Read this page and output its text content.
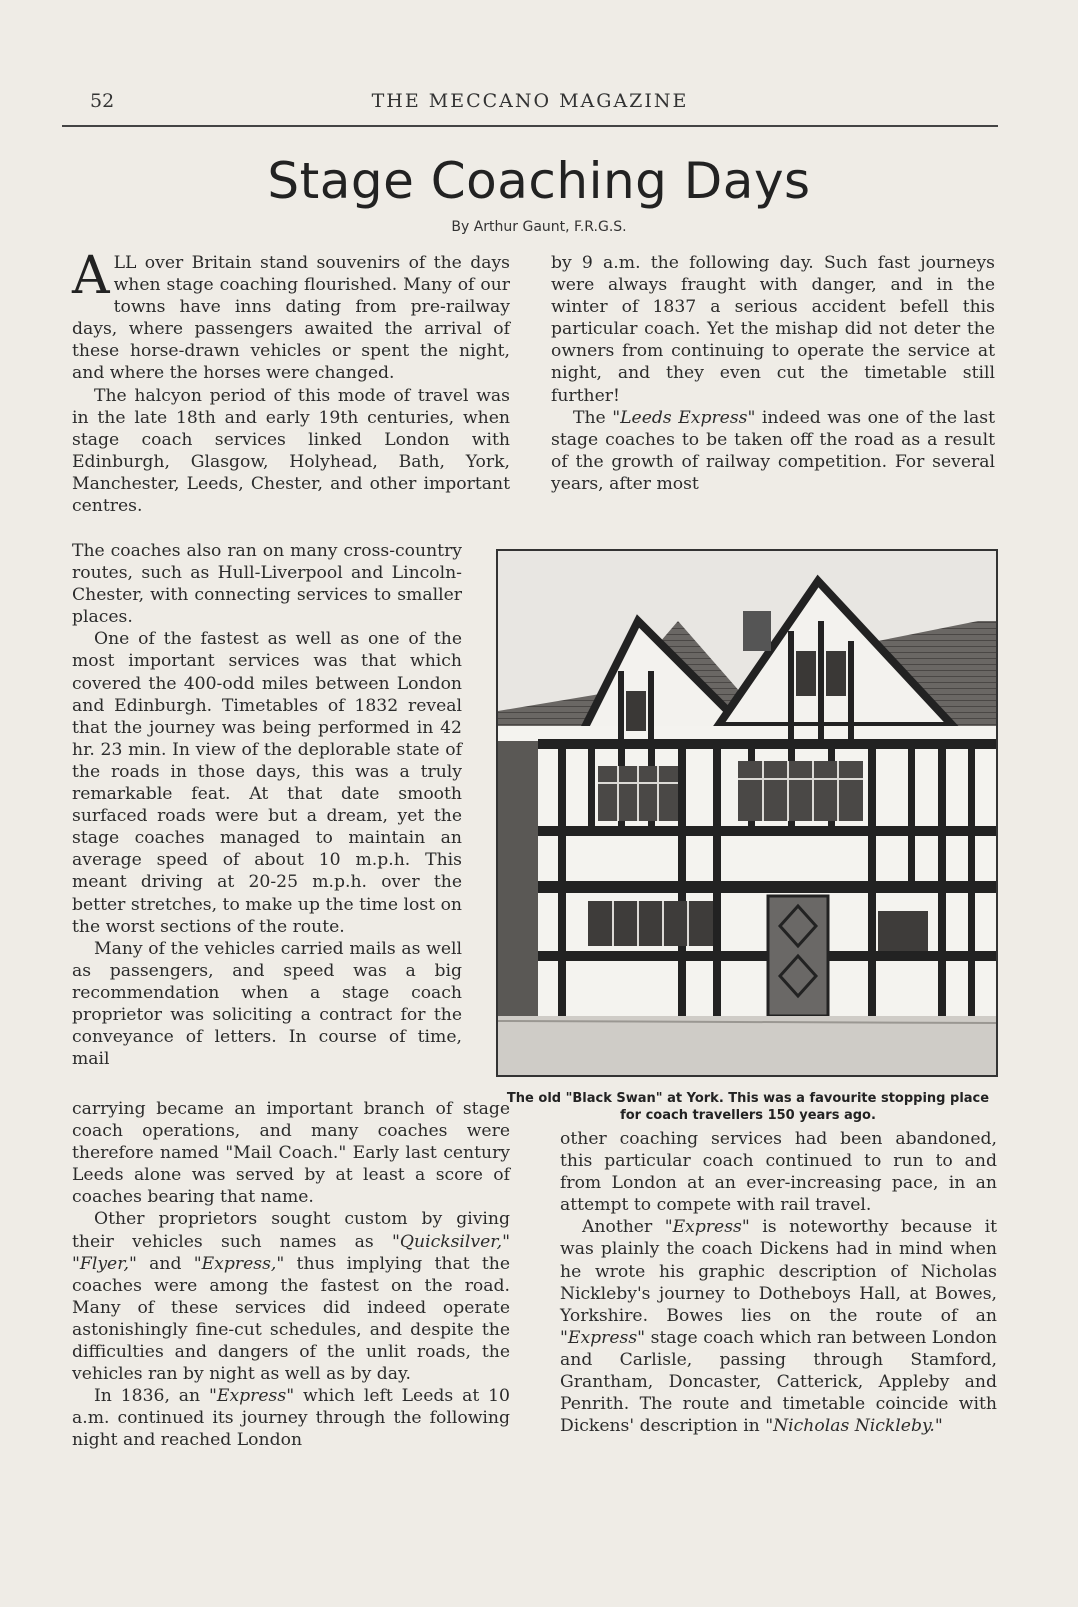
52	THE MECCANO MAGAZINE
Stage Coaching Days
By Arthur Gaunt, F.R.G.S.

ALL over Britain stand souvenirs of the days when stage coaching flourished. Many of our towns have inns dating from pre-railway days, where passengers awaited the arrival of these horse-drawn vehicles or spent the night, and where the horses were changed.

The halcyon period of this mode of travel was in the late 18th and early 19th centuries, when stage coach services linked London with Edinburgh, Glasgow, Holyhead, Bath, York, Manchester, Leeds, Chester, and other important centres.

The coaches also ran on many cross-country routes, such as Hull-Liverpool and Lincoln-Chester, with connecting services to smaller places.

One of the fastest as well as one of the most important services was that which covered the 400-odd miles between London and Edinburgh. Timetables of 1832 reveal that the journey was being performed in 42 hr. 23 min. In view of the deplorable state of the roads in those days, this was a truly remarkable feat. At that date smooth surfaced roads were but a dream, yet the stage coaches managed to maintain an average speed of about 10 m.p.h. This meant driving at 20-25 m.p.h. over the better stretches, to make up the time lost on the worst sections of the route.

Many of the vehicles carried mails as well as passengers, and speed was a big recommendation when a stage coach proprietor was soliciting a contract for the conveyance of letters. In course of time, mail

carrying became an important branch of stage coach operations, and many coaches were therefore named "Mail Coach." Early last century Leeds alone was served by at least a score of coaches bearing that name.

Other proprietors sought custom by giving their vehicles such names as "Quicksilver," "Flyer," and "Express," thus implying that the coaches were among the fastest on the road. Many of these services did indeed operate astonishingly fine-cut schedules, and despite the difficulties and dangers of the unlit roads, the vehicles ran by night as well as by day.

In 1836, an "Express" which left Leeds at 10 a.m. continued its journey through the following night and reached London

by 9 a.m. the following day. Such fast journeys were always fraught with danger, and in the winter of 1837 a serious accident befell this particular coach. Yet the mishap did not deter the owners from continuing to operate the service at night, and they even cut the timetable still further!

The "Leeds Express" indeed was one of the last stage coaches to be taken off the road as a result of the growth of railway competition. For several years, after most

The old "Black Swan" at York. This was a favourite stopping place for coach travellers 150 years ago.

other coaching services had been abandoned, this particular coach continued to run to and from London at an ever-increasing pace, in an attempt to compete with rail travel.

Another "Express" is noteworthy because it was plainly the coach Dickens had in mind when he wrote his graphic description of Nicholas Nickleby's journey to Dotheboys Hall, at Bowes, Yorkshire. Bowes lies on the route of an "Express" stage coach which ran between London and Carlisle, passing through Stamford, Grantham, Doncaster, Catterick, Appleby and Penrith. The route and timetable coincide with Dickens' description in "Nicholas Nickleby."
